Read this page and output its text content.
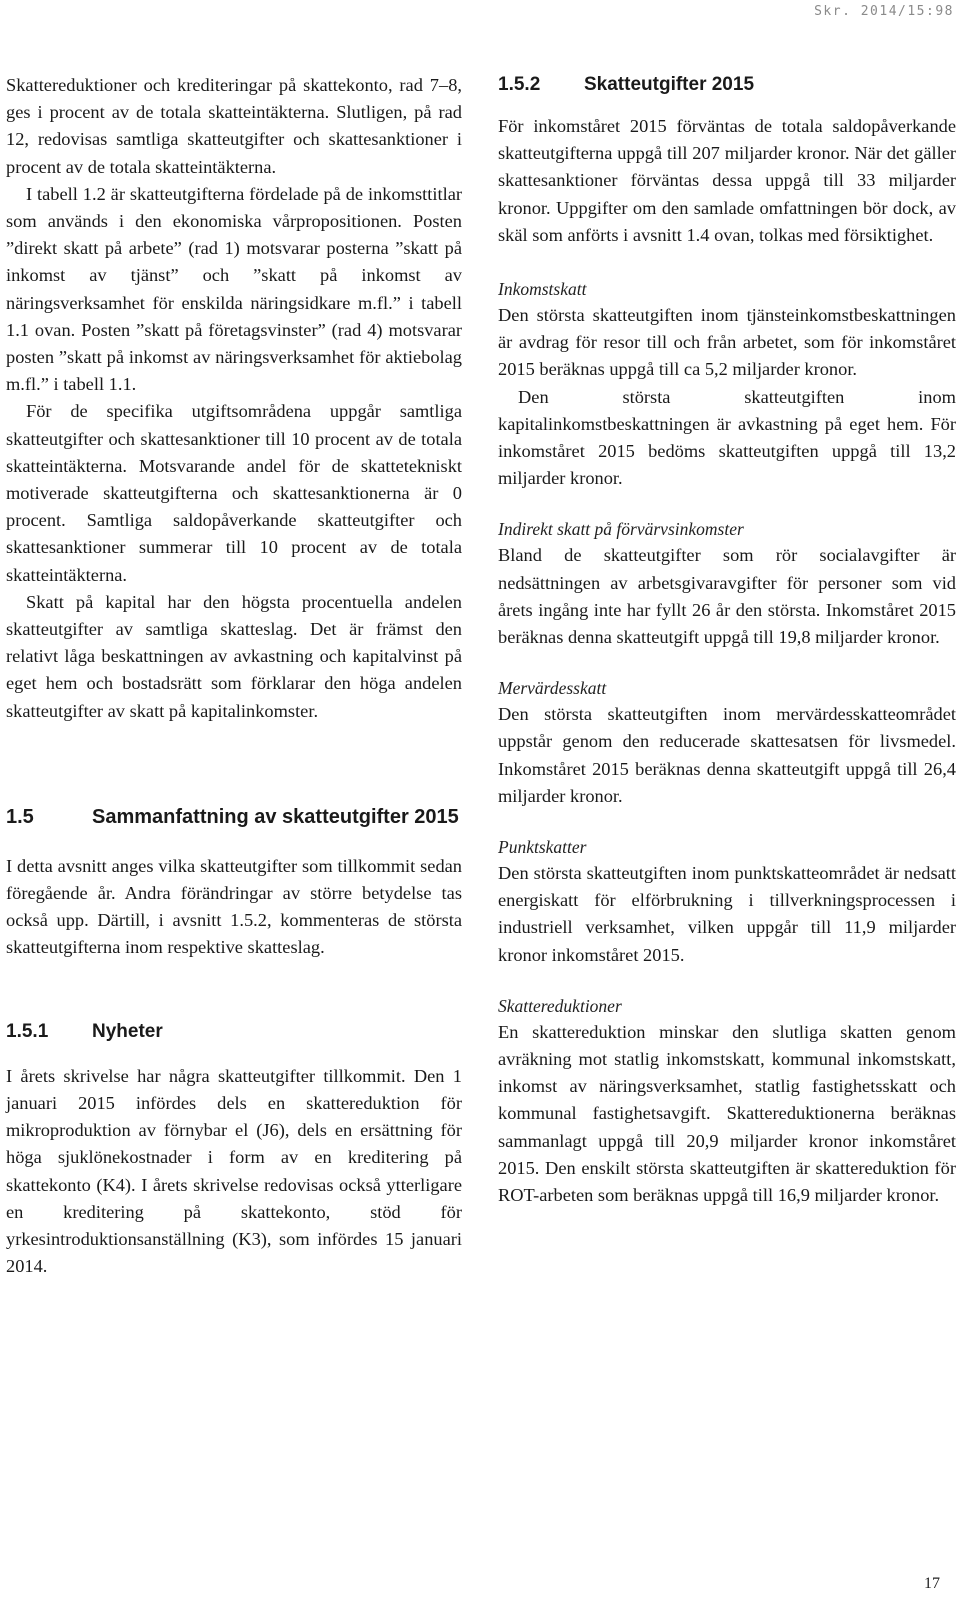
Skr. 2014/15:98

Skattereduktioner och krediteringar på skattekonto, rad 7–8, ges i procent av de totala skatteintäkterna. Slutligen, på rad 12, redovisas samtliga skatteutgifter och skattesanktioner i procent av de totala skatteintäkterna.

I tabell 1.2 är skatteutgifterna fördelade på de inkomsttitlar som används i den ekonomiska vårpropositionen. Posten ”direkt skatt på arbete” (rad 1) motsvarar posterna ”skatt på inkomst av tjänst” och ”skatt på inkomst av näringsverksamhet för enskilda näringsidkare m.fl.” i tabell 1.1 ovan. Posten ”skatt på företagsvinster” (rad 4) motsvarar posten ”skatt på inkomst av näringsverksamhet för aktiebolag m.fl.” i tabell 1.1.

För de specifika utgiftsområdena uppgår samtliga skatteutgifter och skattesanktioner till 10 procent av de totala skatteintäkterna. Motsvarande andel för de skattetekniskt motiverade skatteutgifterna och skattesanktionerna är 0 procent. Samtliga saldopåverkande skatteutgifter och skattesanktioner summerar till 10 procent av de totala skatteintäkterna.

Skatt på kapital har den högsta procentuella andelen skatteutgifter av samtliga skatteslag. Det är främst den relativt låga beskattningen av avkastning och kapitalvinst på eget hem och bostadsrätt som förklarar den höga andelen skatteutgifter av skatt på kapitalinkomster.

1.5	Sammanfattning av skatteutgifter 2015

I detta avsnitt anges vilka skatteutgifter som tillkommit sedan föregående år. Andra förändringar av större betydelse tas också upp. Därtill, i avsnitt 1.5.2, kommenteras de största skatteutgifterna inom respektive skatteslag.

1.5.1	Nyheter

I årets skrivelse har några skatteutgifter tillkommit. Den 1 januari 2015 infördes dels en skattereduktion för mikroproduktion av förnybar el (J6), dels en ersättning för höga sjuklönekostnader i form av en kreditering på skattekonto (K4). I årets skrivelse redovisas också ytterligare en kreditering på skattekonto, stöd för yrkesintroduktionsanställning (K3), som infördes 15 januari 2014.

1.5.2	Skatteutgifter 2015

För inkomståret 2015 förväntas de totala saldopåverkande skatteutgifterna uppgå till 207 miljarder kronor. När det gäller skattesanktioner förväntas dessa uppgå till 33 miljarder kronor. Uppgifter om den samlade omfattningen bör dock, av skäl som anförts i avsnitt 1.4 ovan, tolkas med försiktighet.

Inkomstskatt

Den största skatteutgiften inom tjänsteinkomstbeskattningen är avdrag för resor till och från arbetet, som för inkomståret 2015 beräknas uppgå till ca 5,2 miljarder kronor.

Den största skatteutgiften inom kapitalinkomstbeskattningen är avkastning på eget hem. För inkomståret 2015 bedöms skatteutgiften uppgå till 13,2 miljarder kronor.

Indirekt skatt på förvärvsinkomster

Bland de skatteutgifter som rör socialavgifter är nedsättningen av arbetsgivaravgifter för personer som vid årets ingång inte har fyllt 26 år den största. Inkomståret 2015 beräknas denna skatteutgift uppgå till 19,8 miljarder kronor.

Mervärdesskatt

Den största skatteutgiften inom mervärdesskatteområdet uppstår genom den reducerade skattesatsen för livsmedel. Inkomståret 2015 beräknas denna skatteutgift uppgå till 26,4 miljarder kronor.

Punktskatter

Den största skatteutgiften inom punktskatteområdet är nedsatt energiskatt för elförbrukning i tillverkningsprocessen i industriell verksamhet, vilken uppgår till 11,9 miljarder kronor inkomståret 2015.

Skattereduktioner

En skattereduktion minskar den slutliga skatten genom avräkning mot statlig inkomstskatt, kommunal inkomstskatt, inkomst av näringsverksamhet, statlig fastighetsskatt och kommunal fastighetsavgift. Skattereduktionerna beräknas sammanlagt uppgå till 20,9 miljarder kronor inkomståret 2015. Den enskilt största skatteutgiften är skattereduktion för ROT-arbeten som beräknas uppgå till 16,9 miljarder kronor.

17
